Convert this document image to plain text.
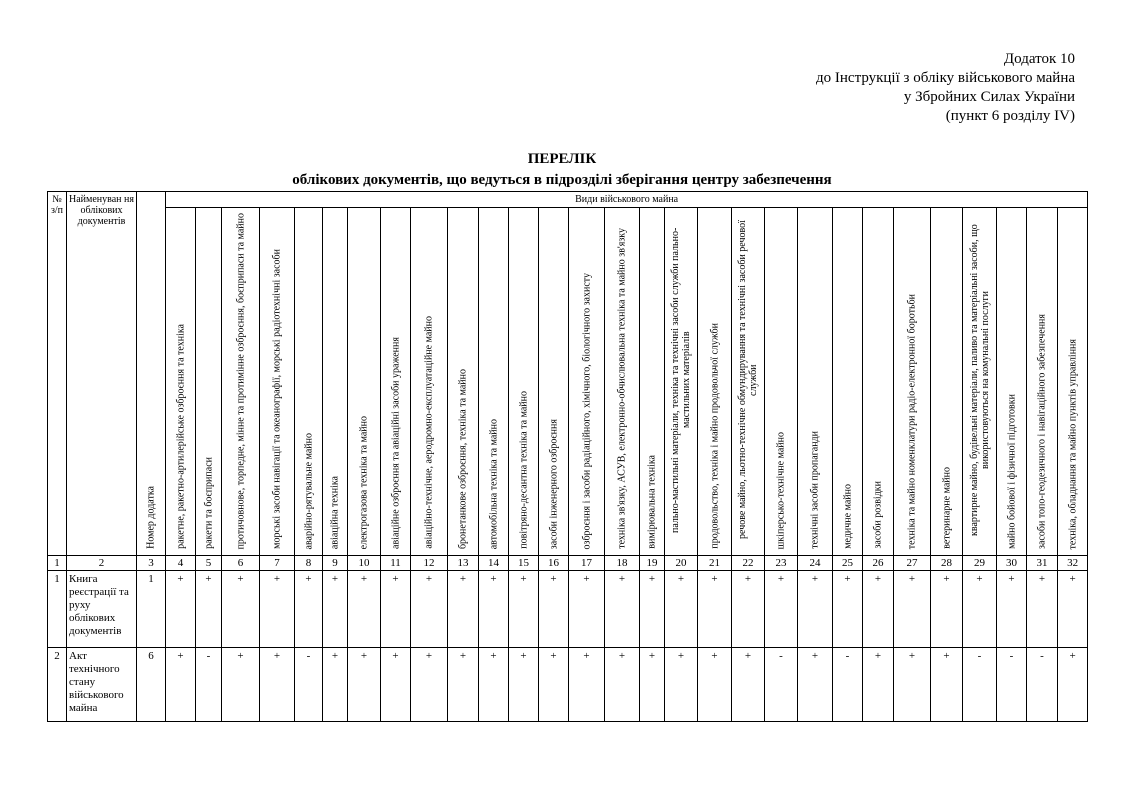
Додаток 10
до Інструкції з обліку військового майна
у Збройних Силах України
(пункт 6 розділу IV)
ПЕРЕЛІК
облікових документів, що ведуться в підрозділі зберігання центру забезпечення
№ з/п	Найменуван ня облікових документів	Номер додатка	Види військового майна																													

			ракетне, ракетно-артилерійське озброєння та техніка	ракети та боєприпаси	протичовнове, торпедне, мінне та протимінне озброєння, боєприпаси та майно	морські засоби навігації та океанографії, морські радіотехнічні засоби	аварійно-рятувальне майно	авіаційна техніка	електрогазова техніка та майно	авіаційне озброєння та авіаційні засоби ураження	авіаційно-технічне, аеродромно-експлуатаційне майно	бронетанкове озброєння, техніка та майно	автомобільна техніка та майно	повітряно-десантна техніка та майно	засоби інженерного озброєння	озброєння і засоби радіаційного, хімічного, біологічного захисту	техніка зв'язку, АСУВ, електронно-обчислювальна техніка та майно зв'язку	вимірювальна техніка	пально-мастильні матеріали, техніка та технічні засоби служби пально-мастильних матеріалів	продовольство, техніка і майно продовольчої служби	речове майно, льотно-технічне обмундирування та технічні засоби речової служби	шкіперсько-технічне майно	технічні засоби пропаганди	медичне майно	засоби розвідки	техніка та майно номенклатури радіо-електронної боротьби	ветеринарне майно	квартирне майно, будівельні матеріали, паливо та матеріальні засоби, що використовуються на комунальні послуги	майно бойової і фізичної підготовки	засоби топо-геодезичного і навігаційного забезпечення	техніка, обладнання та майно пунктів управління	

1	2	3	4	5	6	7	8	9	10	11	12	13	14	15	16	17	18	19	20	21	22	23	24	25	26	27	28	29	30	31	32	
1	Книга реєстрації та руху облікових документів	1	+	+	+	+	+	+	+	+	+	+	+	+	+	+	+	+	+	+	+	+	+	+	+	+	+	+	+	+	+	
2	Акт технічного стану військового майна	6	+	-	+	+	-	+	+	+	+	+	+	+	+	+	+	+	+	+	+	-	+	-	+	+	+	-	-	-	+	
